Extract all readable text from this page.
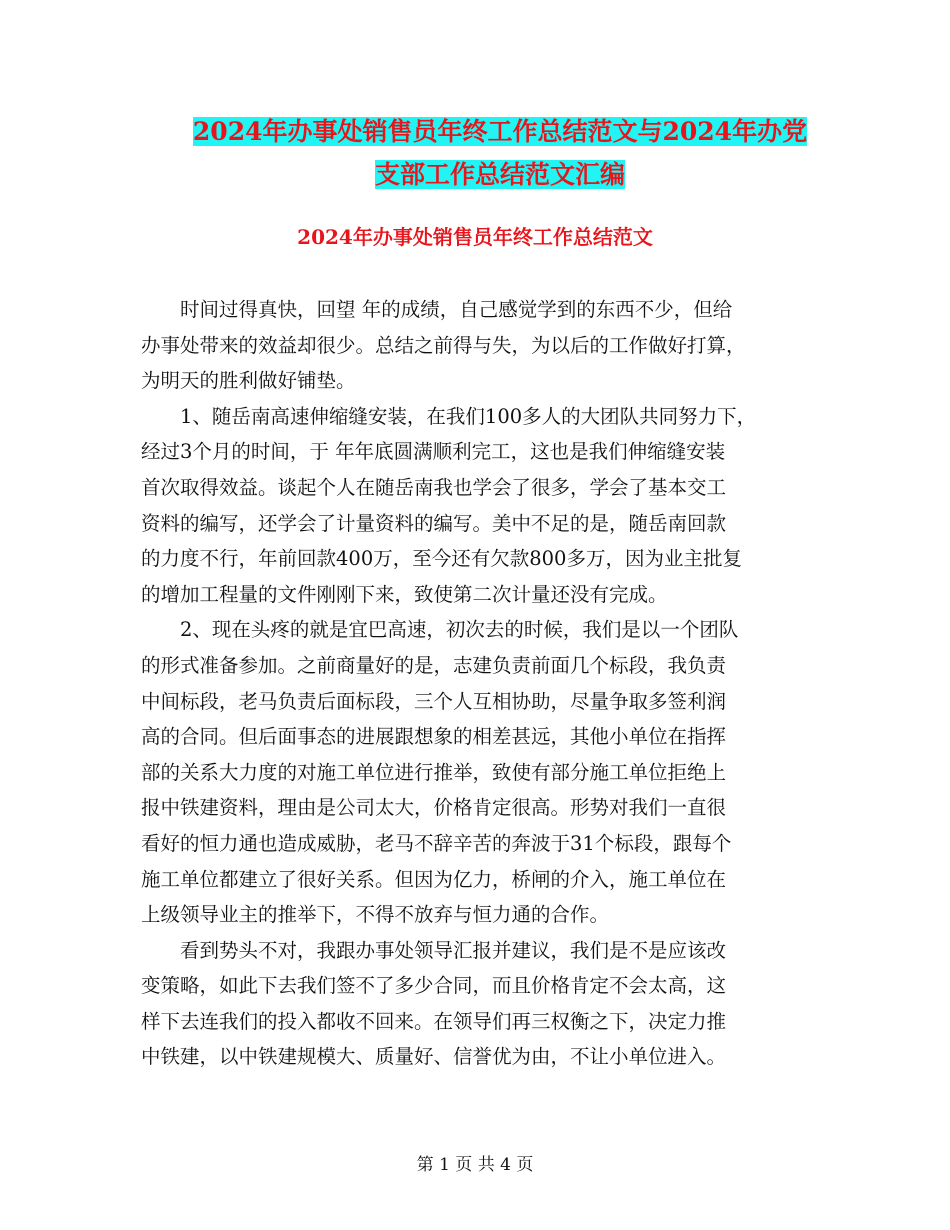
2024年办事处销售员年终工作总结范文与2024年办党
支部工作总结范文汇编
2024年办事处销售员年终工作总结范文
时间过得真快，回望 年的成绩，自己感觉学到的东西不少，但给
办事处带来的效益却很少。总结之前得与失，为以后的工作做好打算，
为明天的胜利做好铺垫。
1、随岳南高速伸缩缝安装，在我们100多人的大团队共同努力下，
经过3个月的时间，于 年年底圆满顺利完工，这也是我们伸缩缝安装
首次取得效益。谈起个人在随岳南我也学会了很多，学会了基本交工
资料的编写，还学会了计量资料的编写。美中不足的是，随岳南回款
的力度不行，年前回款400万，至今还有欠款800多万，因为业主批复
的增加工程量的文件刚刚下来，致使第二次计量还没有完成。
2、现在头疼的就是宜巴高速，初次去的时候，我们是以一个团队
的形式准备参加。之前商量好的是，志建负责前面几个标段，我负责
中间标段，老马负责后面标段，三个人互相协助，尽量争取多签利润
高的合同。但后面事态的进展跟想象的相差甚远，其他小单位在指挥
部的关系大力度的对施工单位进行推举，致使有部分施工单位拒绝上
报中铁建资料，理由是公司太大，价格肯定很高。形势对我们一直很
看好的恒力通也造成威胁，老马不辞辛苦的奔波于31个标段，跟每个
施工单位都建立了很好关系。但因为亿力，桥闸的介入，施工单位在
上级领导业主的推举下，不得不放弃与恒力通的合作。
看到势头不对，我跟办事处领导汇报并建议，我们是不是应该改
变策略，如此下去我们签不了多少合同，而且价格肯定不会太高，这
样下去连我们的投入都收不回来。在领导们再三权衡之下，决定力推
中铁建，以中铁建规模大、质量好、信誉优为由，不让小单位进入。
第 1 页 共 4 页
